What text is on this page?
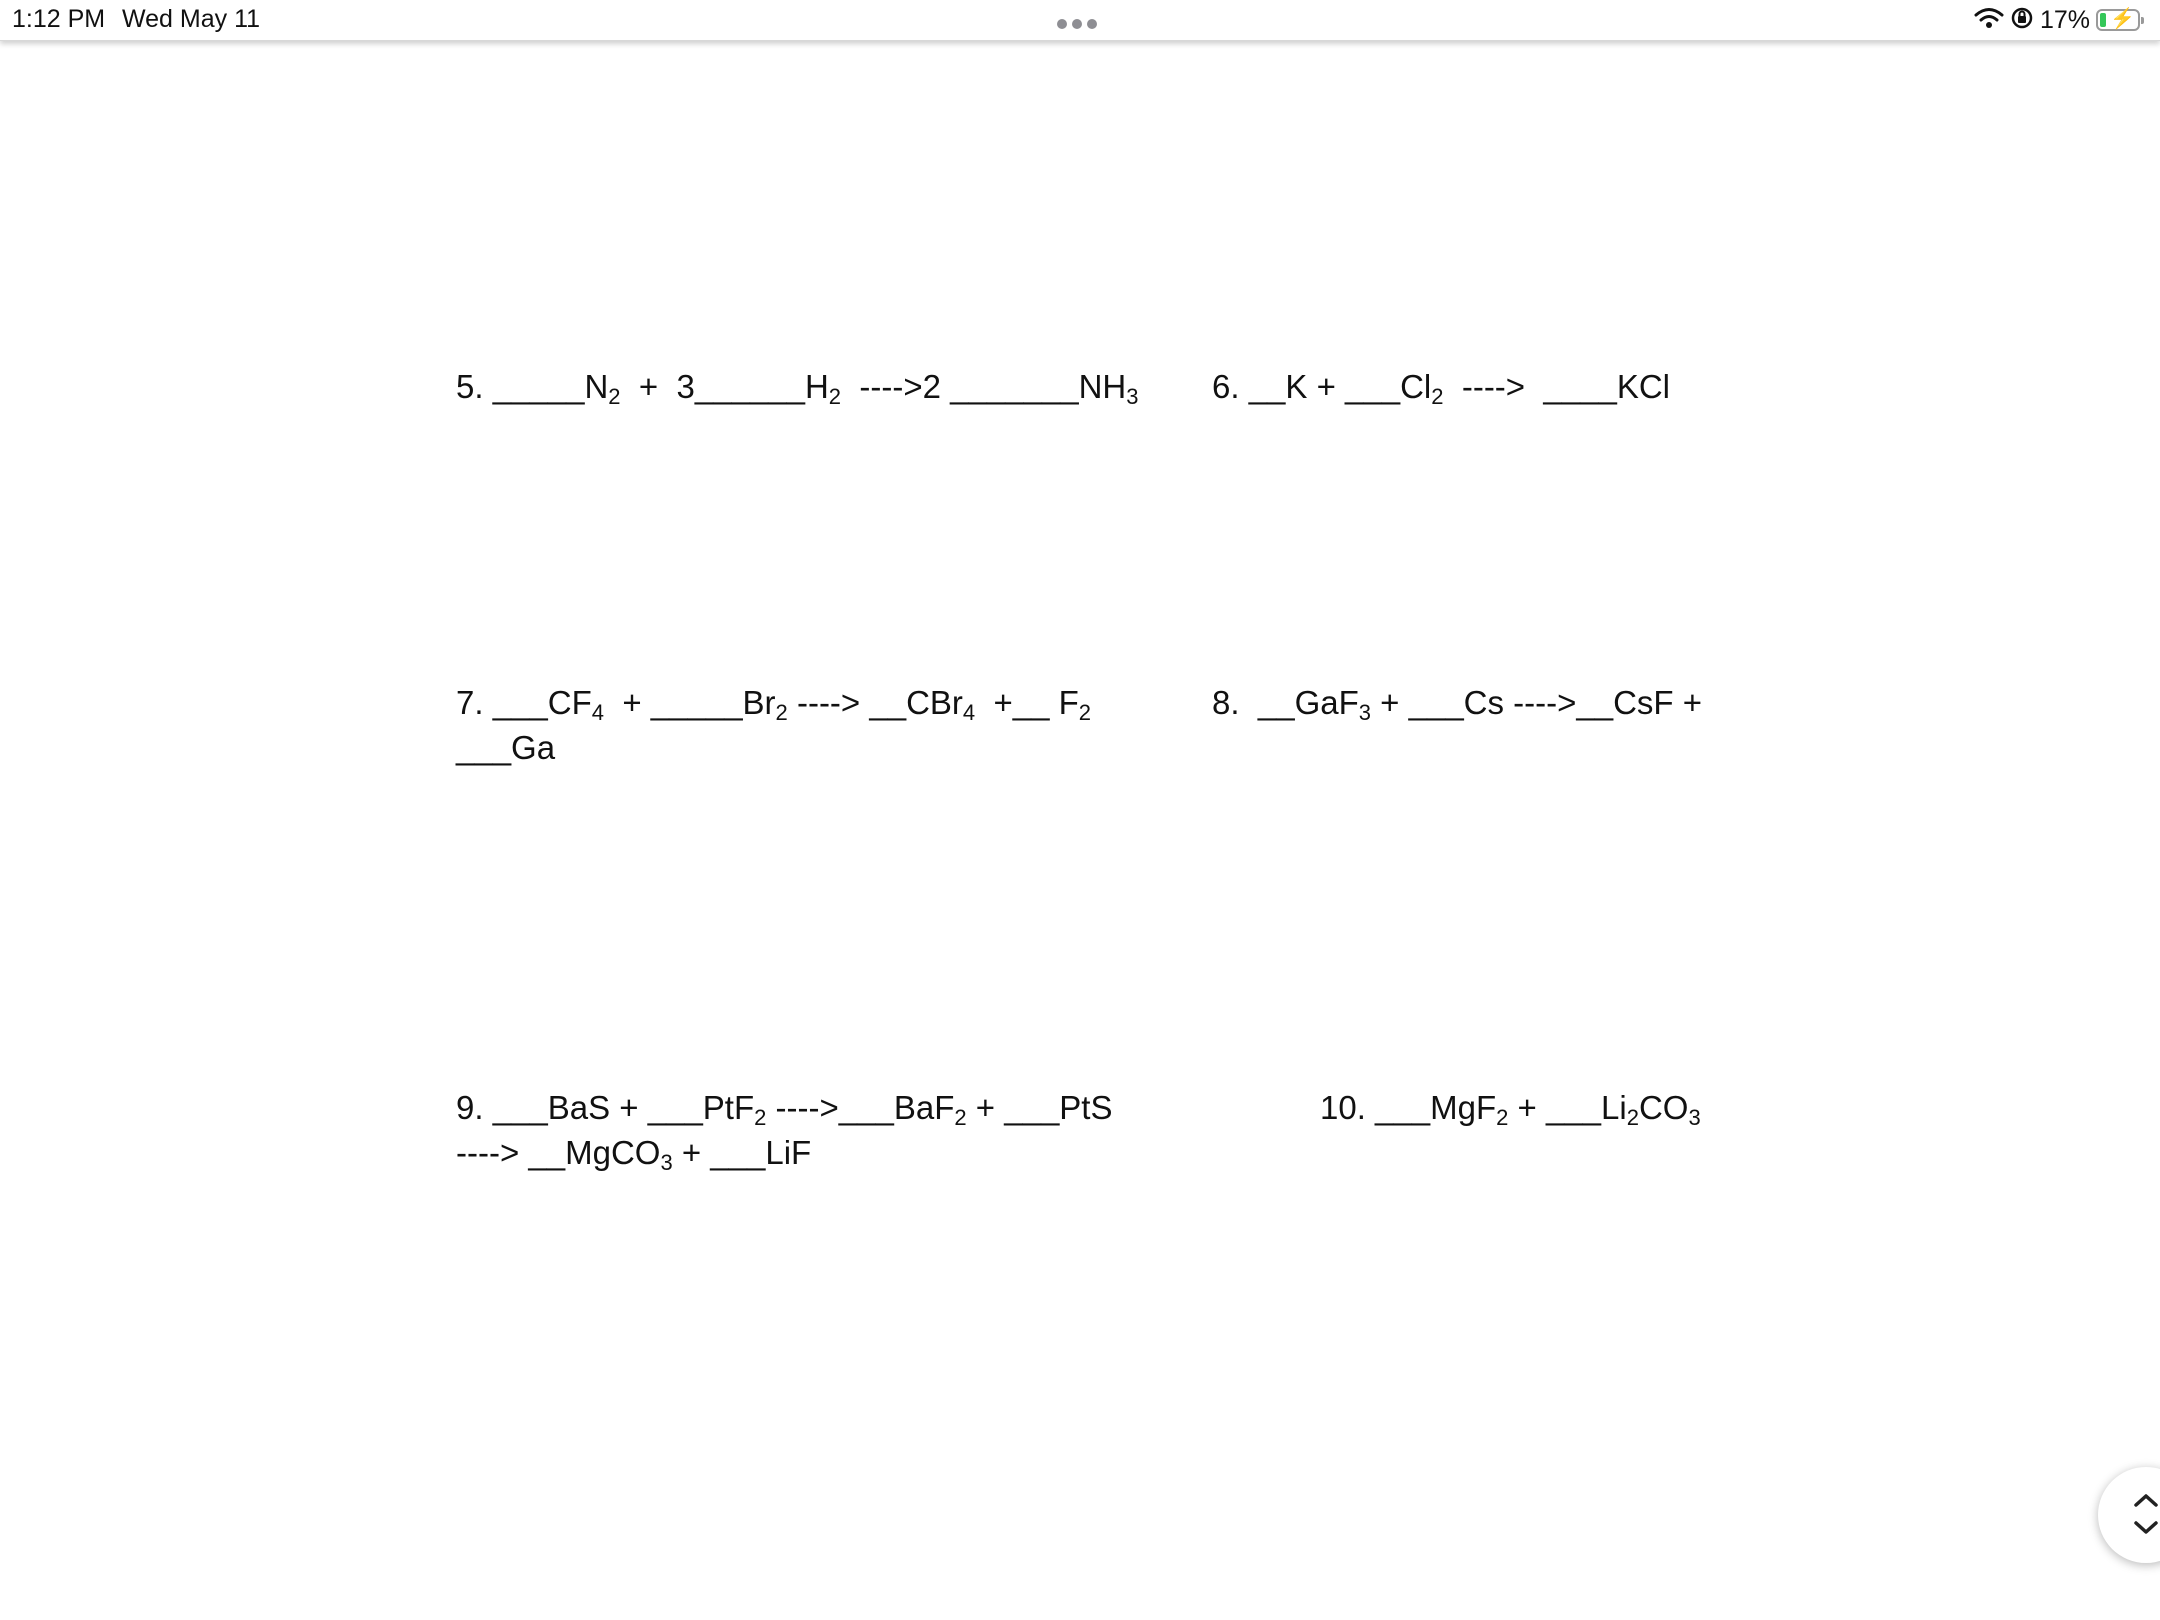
1:12 PM Wed May 11	17% ⚡
5. $\_\_\_\_\_N_2$  +  $3\_\_\_\_\_\_H_2$  ---->2 $\_\_\_\_\_\_\_NH_3$ 6. __K + $\_\_\_Cl_2$  ---->  ____KCl
7. $\_\_\_CF_4$  + $\_\_\_\_\_Br_2$ ----> __CBr$_4$  +__ $F_2$
___Ga
8.  __GaF$_3$ + ___Cs ---->__CsF +
9. ___BaS + ___PtF$_2$ ---->___BaF$_2$ + ___PtS
----> __MgCO$_3$ + ___LiF
10. ___MgF$_2$ + $\_\_\_Li_2CO_3$
